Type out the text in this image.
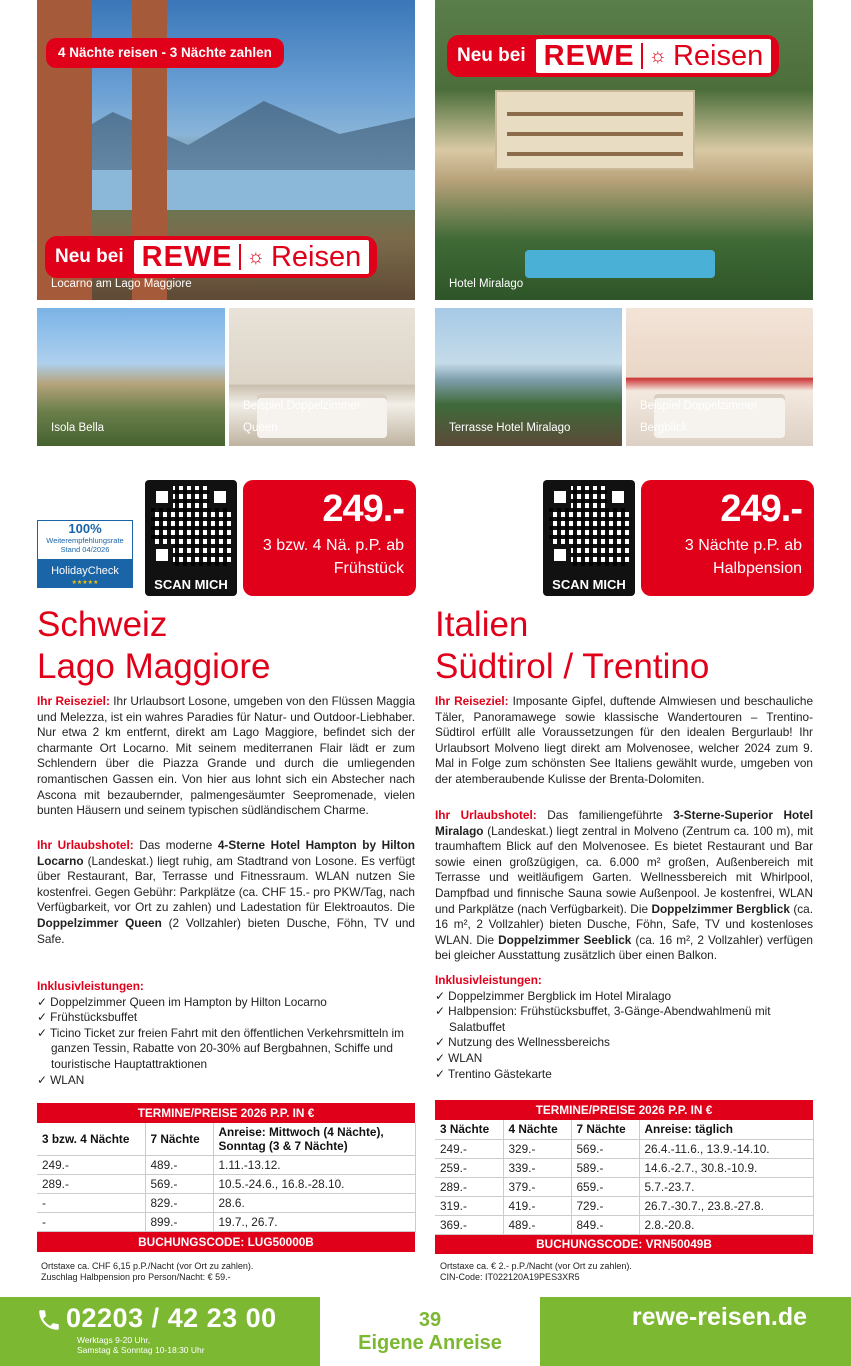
4 Nächte reisen - 3 Nächte zahlen
Neu bei REWE ☼ Reisen
Locarno am Lago Maggiore
Isola Bella
Beispiel Doppelzimmer
Queen
100%
Weiterempfehlungsrate
Stand 04/2026
HolidayCheck
★★★★★	SCAN MICH
249.-
3 bzw. 4 Nä. p.P. ab
Frühstück
Schweiz
Lago Maggiore
Ihr Reiseziel: Ihr Urlaubsort Losone, umgeben von den Flüssen Maggia und Melezza, ist ein wahres Paradies für Natur- und Outdoor-Liebhaber. Nur etwa 2 km entfernt, direkt am Lago Maggiore, befindet sich der charmante Ort Locarno. Mit seinem mediterranen Flair lädt er zum Schlendern über die Piazza Grande und durch die umliegenden romantischen Gassen ein. Von hier aus lohnt sich ein Abstecher nach Ascona mit bezaubernder, palmengesäumter Seepromenade, vielen bunten Häusern und seinem typischen südländischem Charme.
Ihr Urlaubshotel: Das moderne 4-Sterne Hotel Hampton by Hilton Locarno (Landeskat.) liegt ruhig, am Stadtrand von Losone. Es verfügt über Restaurant, Bar, Terrasse und Fitnessraum. WLAN nutzen Sie kostenfrei. Gegen Gebühr: Parkplätze (ca. CHF 15.- pro PKW/Tag, nach Verfügbarkeit, vor Ort zu zahlen) und Ladestation für Elektroautos. Die Doppelzimmer Queen (2 Vollzahler) bieten Dusche, Föhn, TV und Safe.
Inklusivleistungen:
✓ Doppelzimmer Queen im Hampton by Hilton Locarno
✓ Frühstücksbuffet
✓ Ticino Ticket zur freien Fahrt mit den öffentlichen Verkehrsmitteln im ganzen Tessin, Rabatte von 20-30% auf Bergbahnen, Schiffe und touristische Hauptattraktionen
✓ WLAN
TERMINE/PREISE 2026 P.P. IN €		
3 bzw. 4 Nächte	7 Nächte	Anreise: Mittwoch (4 Nächte), Sonntag (3 & 7 Nächte)
249.-	489.-	1.11.-13.12.
289.-	569.-	10.5.-24.6., 16.8.-28.10.
-	829.-	28.6.
-	899.-	19.7., 26.7.
BUCHUNGSCODE: LUG50000B		
Ortstaxe ca. CHF 6,15 p.P./Nacht (vor Ort zu zahlen).
Zuschlag Halbpension pro Person/Nacht: € 59.-
Neu bei REWE ☼ Reisen
Hotel Miralago
Terrasse Hotel Miralago
Beispiel Doppelzimmer
Bergblick
SCAN MICH
249.-
3 Nächte p.P. ab
Halbpension
Italien
Südtirol / Trentino
Ihr Reiseziel: Imposante Gipfel, duftende Almwiesen und beschauliche Täler, Panoramawege sowie klassische Wandertouren – Trentino-Südtirol erfüllt alle Voraussetzungen für den idealen Bergurlaub! Ihr Urlaubsort Molveno liegt direkt am Molvenosee, welcher 2024 zum 9. Mal in Folge zum schönsten See Italiens gewählt wurde, umgeben von der atemberaubende Kulisse der Brenta-Dolomiten.
Ihr Urlaubshotel: Das familiengeführte 3-Sterne-Superior Hotel Miralago (Landeskat.) liegt zentral in Molveno (Zentrum ca. 100 m), mit traumhaftem Blick auf den Molvenosee. Es bietet Restaurant und Bar sowie einen großzügigen, ca. 6.000 m² großen, Außenbereich mit Terrasse und weitläufigem Garten. Wellnessbereich mit Whirlpool, Dampfbad und finnische Sauna sowie Außenpool. Je kostenfrei, WLAN und Parkplätze (nach Verfügbarkeit). Die Doppelzimmer Bergblick (ca. 16 m², 2 Vollzahler) bieten Dusche, Föhn, Safe, TV und kostenloses WLAN. Die Doppelzimmer Seeblick (ca. 16 m², 2 Vollzahler) verfügen bei gleicher Ausstattung zusätzlich über einen Balkon.
Inklusivleistungen:
✓ Doppelzimmer Bergblick im Hotel Miralago
✓ Halbpension: Frühstücksbuffet, 3-Gänge-Abendwahlmenü mit Salatbuffet
✓ Nutzung des Wellnessbereichs
✓ WLAN
✓ Trentino Gästekarte
TERMINE/PREISE 2026 P.P. IN €			
3 Nächte	4 Nächte	7 Nächte	Anreise: täglich
249.-	329.-	569.-	26.4.-11.6., 13.9.-14.10.
259.-	339.-	589.-	14.6.-2.7., 30.8.-10.9.
289.-	379.-	659.-	5.7.-23.7.
319.-	419.-	729.-	26.7.-30.7., 23.8.-27.8.
369.-	489.-	849.-	2.8.-20.8.
BUCHUNGSCODE: VRN50049B			
Ortstaxe ca. € 2.- p.P./Nacht (vor Ort zu zahlen).
CIN-Code: IT022120A19PES3XR5
02203 / 42 23 00
Werktags 9-20 Uhr,
Samstag & Sonntag 10-18:30 Uhr
39
Eigene Anreise
rewe-reisen.de
